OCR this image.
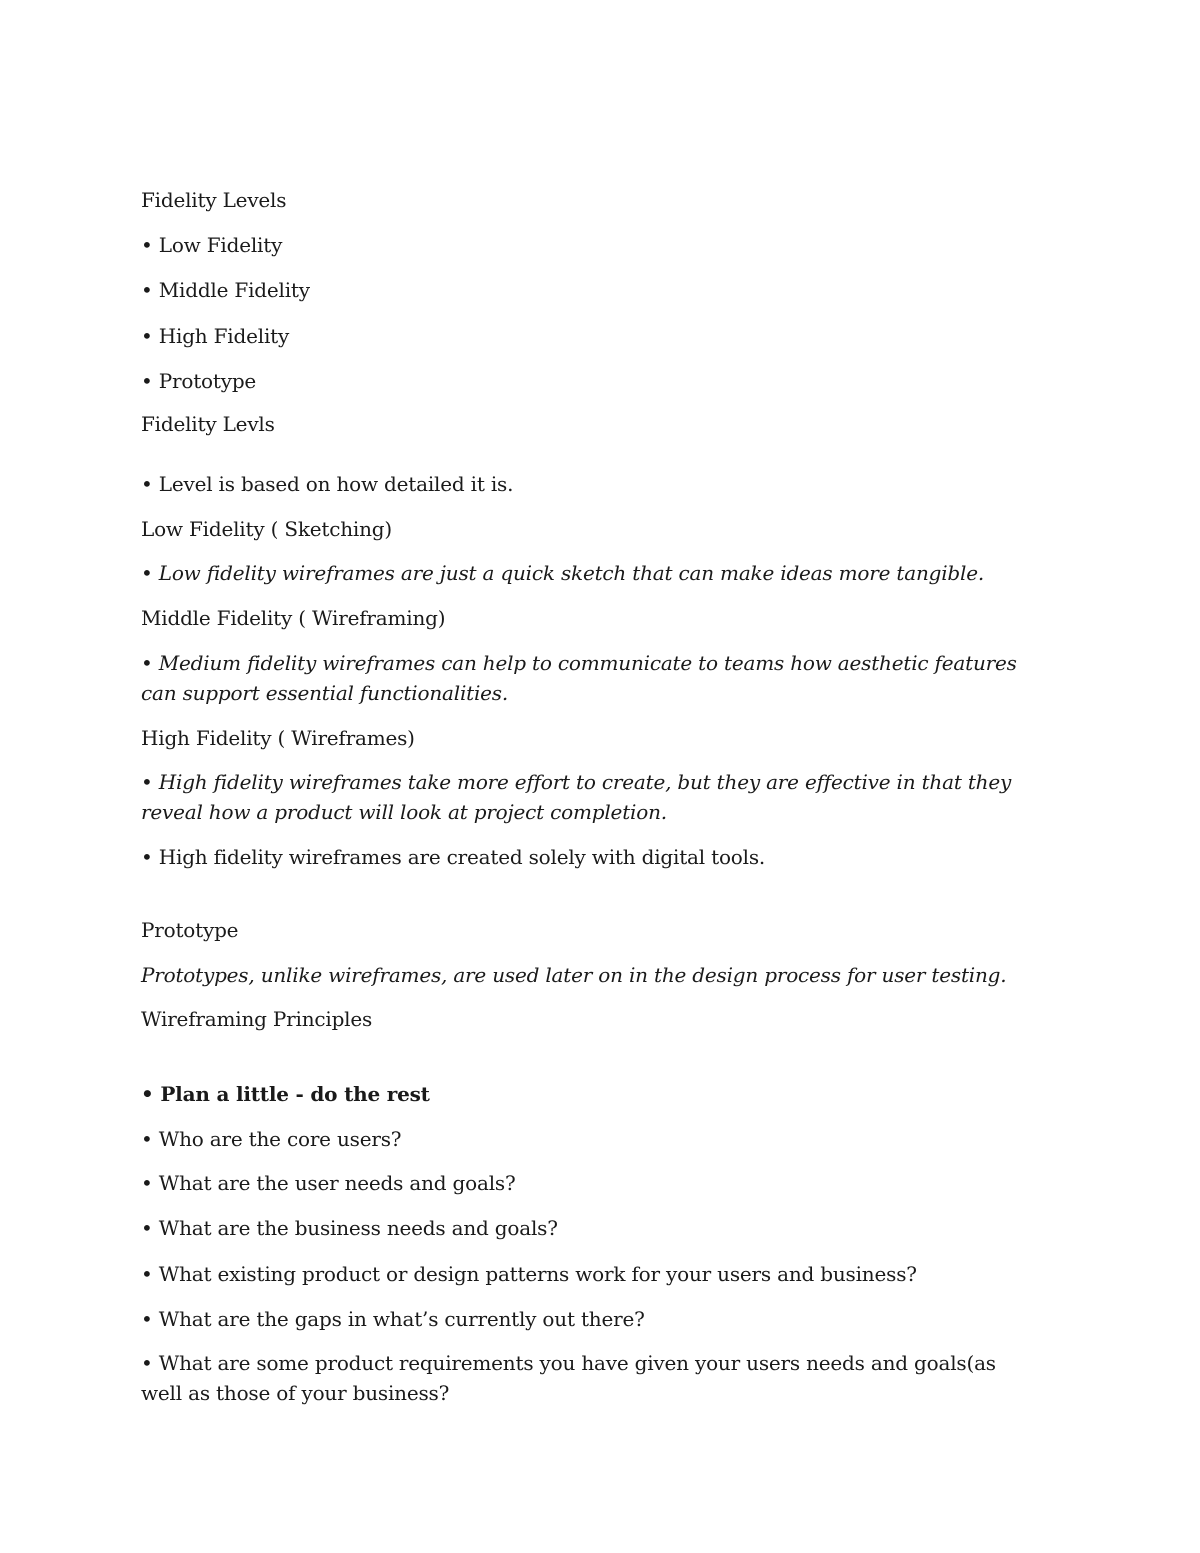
Fidelity Levels
• Low Fidelity
• Middle Fidelity
• High Fidelity
• Prototype
Fidelity Levls
• Level is based on how detailed it is.
Low Fidelity ( Sketching)
• Low fidelity wireframes are just a quick sketch that can make ideas more tangible.
Middle Fidelity ( Wireframing)
• Medium fidelity wireframes can help to communicate to teams how aesthetic features can support essential functionalities.
High Fidelity ( Wireframes)
• High fidelity wireframes take more effort to create, but they are effective in that they reveal how a product will look at project completion.
• High fidelity wireframes are created solely with digital tools.
Prototype
Prototypes, unlike wireframes, are used later on in the design process for user testing.
Wireframing Principles
• Plan a little - do the rest
• Who are the core users?
• What are the user needs and goals?
• What are the business needs and goals?
• What existing product or design patterns work for your users and business?
• What are the gaps in what’s currently out there?
• What are some product requirements you have given your users needs and goals(as well as those of your business?
